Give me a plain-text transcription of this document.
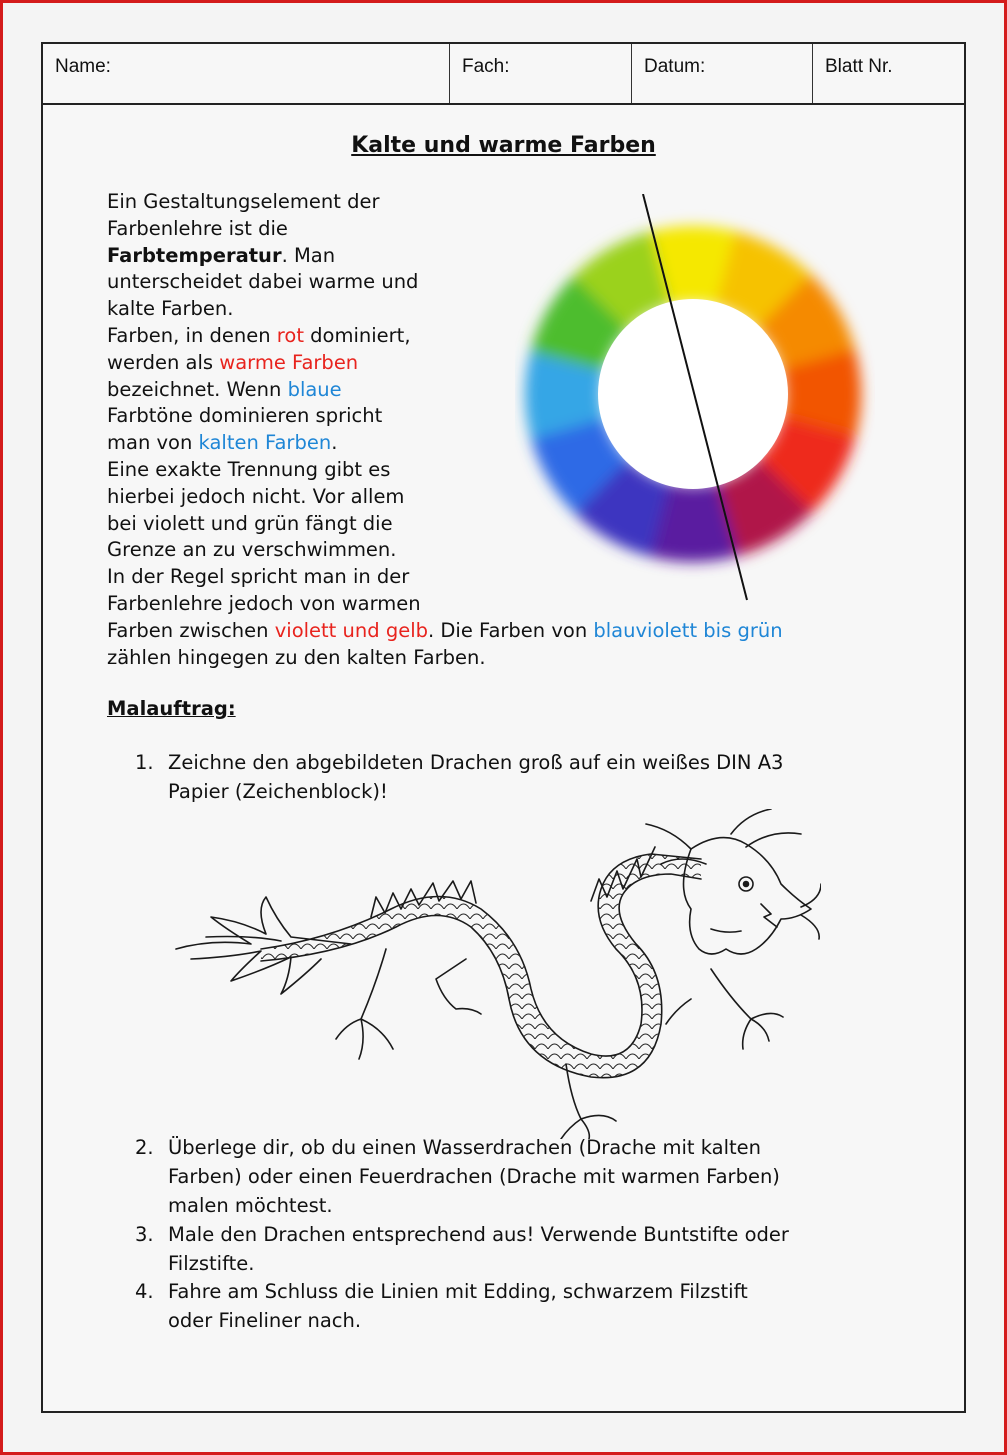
Name:	Fach:	Datum:	Blatt Nr.
Kalte und warme Farben

Ein Gestaltungselement der
Farbenlehre ist die
Farbtemperatur. Man
unterscheidet dabei warme und
kalte Farben.
Farben, in denen rot dominiert,
werden als warme Farben
bezeichnet. Wenn blaue
Farbtöne dominieren spricht
man von kalten Farben.
Eine exakte Trennung gibt es
hierbei jedoch nicht. Vor allem
bei violett und grün fängt die
Grenze an zu verschwimmen.
In der Regel spricht man in der
Farbenlehre jedoch von warmen
Farben zwischen violett und gelb. Die Farben von blauviolett bis grün
zählen hingegen zu den kalten Farben.

Malauftrag:
1. Zeichne den abgebildeten Drachen groß auf ein weißes DIN A3
Papier (Zeichenblock)!
2. Überlege dir, ob du einen Wasserdrachen (Drache mit kalten
Farben) oder einen Feuerdrachen (Drache mit warmen Farben)
malen möchtest.
3. Male den Drachen entsprechend aus! Verwende Buntstifte oder
Filzstifte.
4. Fahre am Schluss die Linien mit Edding, schwarzem Filzstift
oder Fineliner nach.
